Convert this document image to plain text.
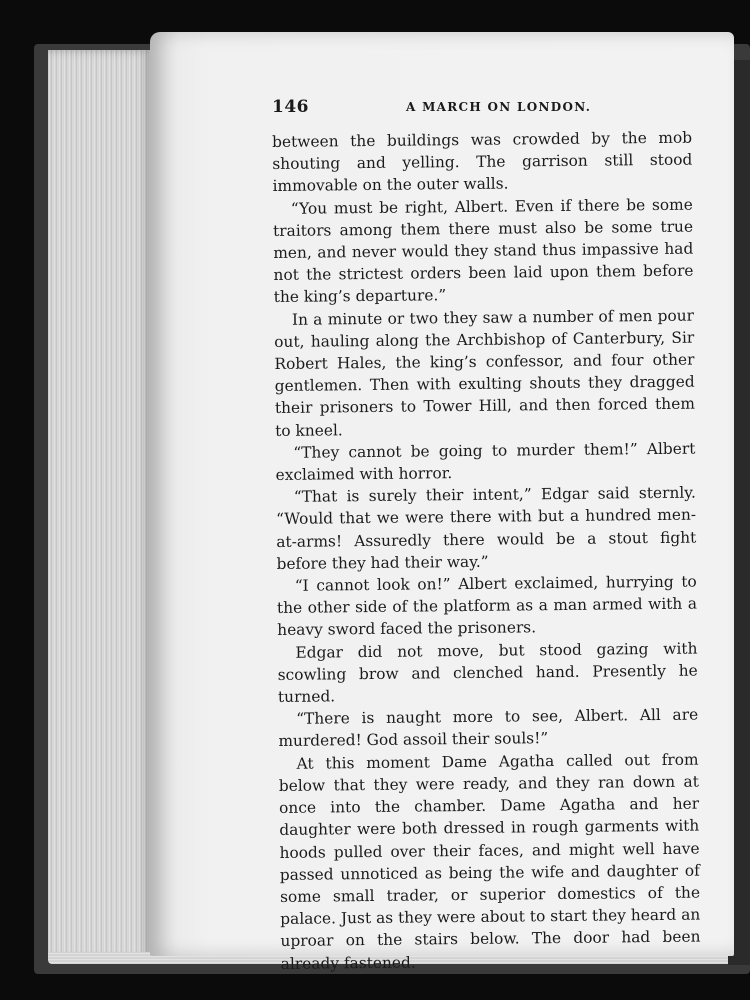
146	A MARCH ON LONDON.

between the buildings was crowded by the mob shouting and yelling. The garrison still stood immovable on the outer walls.

“You must be right, Albert. Even if there be some traitors among them there must also be some true men, and never would they stand thus impassive had not the strictest orders been laid upon them before the king’s departure.”

In a minute or two they saw a number of men pour out, hauling along the Archbishop of Canterbury, Sir Robert Hales, the king’s confessor, and four other gentlemen. Then with exulting shouts they dragged their prisoners to Tower Hill, and then forced them to kneel.

“They cannot be going to murder them!” Albert exclaimed with horror.

“That is surely their intent,” Edgar said sternly. “Would that we were there with but a hundred men-at-arms! Assuredly there would be a stout fight before they had their way.”

“I cannot look on!” Albert exclaimed, hurrying to the other side of the platform as a man armed with a heavy sword faced the prisoners.

Edgar did not move, but stood gazing with scowling brow and clenched hand. Presently he turned.

“There is naught more to see, Albert. All are murdered! God assoil their souls!”

At this moment Dame Agatha called out from below that they were ready, and they ran down at once into the chamber. Dame Agatha and her daughter were both dressed in rough garments with hoods pulled over their faces, and might well have passed unnoticed as being the wife and daughter of some small trader, or superior domestics of the palace. Just as they were about to start they heard an uproar on the stairs below. The door had been already fastened.
